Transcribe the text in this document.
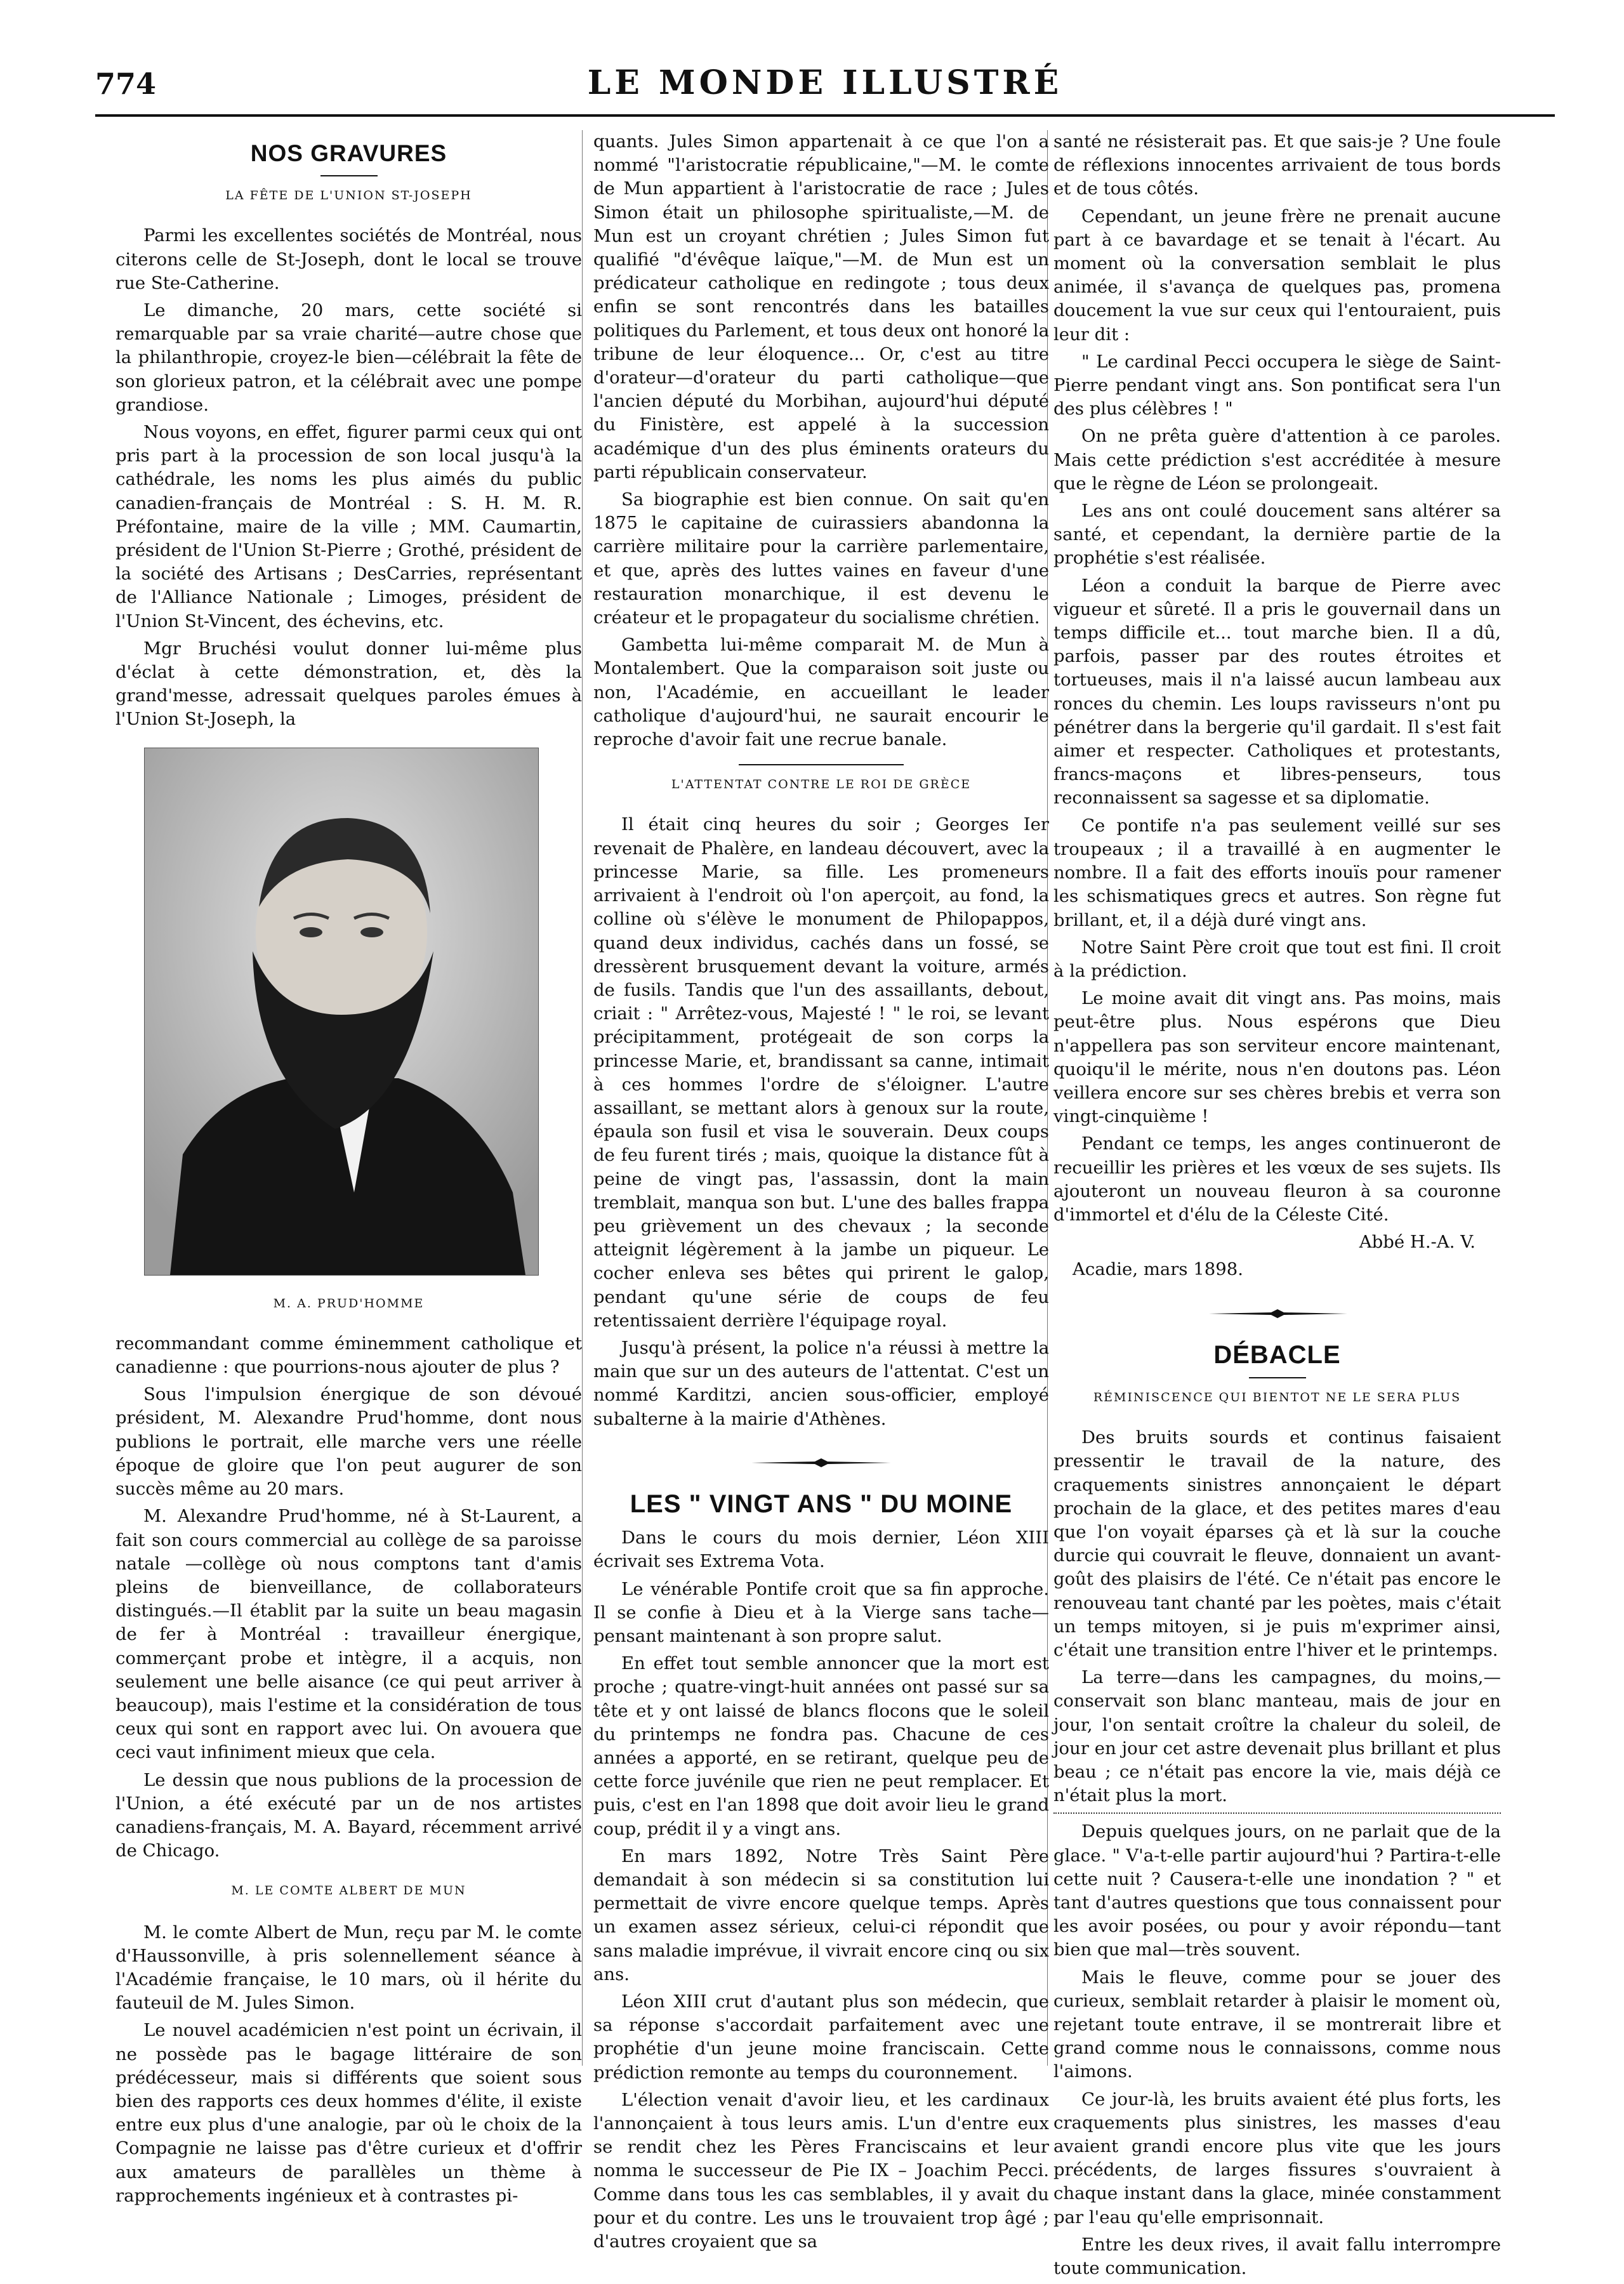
774	LE MONDE ILLUSTRÉ
NOS GRAVURES
LA FÊTE DE L'UNION ST-JOSEPH

Parmi les excellentes sociétés de Montréal, nous citerons celle de St-Joseph, dont le local se trouve rue Ste-Catherine.

Le dimanche, 20 mars, cette société si remarquable par sa vraie charité—autre chose que la philanthropie, croyez-le bien—célébrait la fête de son glorieux patron, et la célébrait avec une pompe grandiose.

Nous voyons, en effet, figurer parmi ceux qui ont pris part à la procession de son local jusqu'à la cathédrale, les noms les plus aimés du public canadien-français de Montréal : S. H. M. R. Préfontaine, maire de la ville ; MM. Caumartin, président de l'Union St-Pierre ; Grothé, président de la société des Artisans ; DesCarries, représentant de l'Alliance Nationale ; Limoges, président de l'Union St-Vincent, des échevins, etc.

Mgr Bruchési voulut donner lui-même plus d'éclat à cette démonstration, et, dès la grand'messe, adressait quelques paroles émues à l'Union St-Joseph, la

M. A. PRUD'HOMME

recommandant comme éminemment catholique et canadienne : que pourrions-nous ajouter de plus ?

Sous l'impulsion énergique de son dévoué président, M. Alexandre Prud'homme, dont nous publions le portrait, elle marche vers une réelle époque de gloire que l'on peut augurer de son succès même au 20 mars.

M. Alexandre Prud'homme, né à St-Laurent, a fait son cours commercial au collège de sa paroisse natale —collège où nous comptons tant d'amis pleins de bienveillance, de collaborateurs distingués.—Il établit par la suite un beau magasin de fer à Montréal : travailleur énergique, commerçant probe et intègre, il a acquis, non seulement une belle aisance (ce qui peut arriver à beaucoup), mais l'estime et la considération de tous ceux qui sont en rapport avec lui. On avouera que ceci vaut infiniment mieux que cela.

Le dessin que nous publions de la procession de l'Union, a été exécuté par un de nos artistes canadiens-français, M. A. Bayard, récemment arrivé de Chicago.

M. LE COMTE ALBERT DE MUN

M. le comte Albert de Mun, reçu par M. le comte d'Haussonville, à pris solennellement séance à l'Académie française, le 10 mars, où il hérite du fauteuil de M. Jules Simon.

Le nouvel académicien n'est point un écrivain, il ne possède pas le bagage littéraire de son prédécesseur, mais si différents que soient sous bien des rapports ces deux hommes d'élite, il existe entre eux plus d'une analogie, par où le choix de la Compagnie ne laisse pas d'être curieux et d'offrir aux amateurs de parallèles un thème à rapprochements ingénieux et à contrastes pi-

quants. Jules Simon appartenait à ce que l'on a nommé "l'aristocratie républicaine,"—M. le comte de Mun appartient à l'aristocratie de race ; Jules Simon était un philosophe spiritualiste,—M. de Mun est un croyant chrétien ; Jules Simon fut qualifié "d'évêque laïque,"—M. de Mun est un prédicateur catholique en redingote ; tous deux enfin se sont rencontrés dans les batailles politiques du Parlement, et tous deux ont honoré la tribune de leur éloquence... Or, c'est au titre d'orateur—d'orateur du parti catholique—que l'ancien député du Morbihan, aujourd'hui député du Finistère, est appelé à la succession académique d'un des plus éminents orateurs du parti républicain conservateur.

Sa biographie est bien connue. On sait qu'en 1875 le capitaine de cuirassiers abandonna la carrière militaire pour la carrière parlementaire, et que, après des luttes vaines en faveur d'une restauration monarchique, il est devenu le créateur et le propagateur du socialisme chrétien.

Gambetta lui-même comparait M. de Mun à Montalembert. Que la comparaison soit juste ou non, l'Académie, en accueillant le leader catholique d'aujourd'hui, ne saurait encourir le reproche d'avoir fait une recrue banale.

L'ATTENTAT CONTRE LE ROI DE GRÈCE

Il était cinq heures du soir ; Georges Ier revenait de Phalère, en landeau découvert, avec la princesse Marie, sa fille. Les promeneurs arrivaient à l'endroit où l'on aperçoit, au fond, la colline où s'élève le monument de Philopappos, quand deux individus, cachés dans un fossé, se dressèrent brusquement devant la voiture, armés de fusils. Tandis que l'un des assaillants, debout, criait : " Arrêtez-vous, Majesté ! " le roi, se levant précipitamment, protégeait de son corps la princesse Marie, et, brandissant sa canne, intimait à ces hommes l'ordre de s'éloigner. L'autre assaillant, se mettant alors à genoux sur la route, épaula son fusil et visa le souverain. Deux coups de feu furent tirés ; mais, quoique la distance fût à peine de vingt pas, l'assassin, dont la main tremblait, manqua son but. L'une des balles frappa peu grièvement un des chevaux ; la seconde atteignit légèrement à la jambe un piqueur. Le cocher enleva ses bêtes qui prirent le galop, pendant qu'une série de coups de feu retentissaient derrière l'équipage royal.

Jusqu'à présent, la police n'a réussi à mettre la main que sur un des auteurs de l'attentat. C'est un nommé Karditzi, ancien sous-officier, employé subalterne à la mairie d'Athènes.

LES " VINGT ANS " DU MOINE

Dans le cours du mois dernier, Léon XIII écrivait ses Extrema Vota.

Le vénérable Pontife croit que sa fin approche. Il se confie à Dieu et à la Vierge sans tache—pensant maintenant à son propre salut.

En effet tout semble annoncer que la mort est proche ; quatre-vingt-huit années ont passé sur sa tête et y ont laissé de blancs flocons que le soleil du printemps ne fondra pas. Chacune de ces années a apporté, en se retirant, quelque peu de cette force juvénile que rien ne peut remplacer. Et puis, c'est en l'an 1898 que doit avoir lieu le grand coup, prédit il y a vingt ans.

En mars 1892, Notre Très Saint Père demandait à son médecin si sa constitution lui permettait de vivre encore quelque temps. Après un examen assez sérieux, celui-ci répondit que sans maladie imprévue, il vivrait encore cinq ou six ans.

Léon XIII crut d'autant plus son médecin, que sa réponse s'accordait parfaitement avec une prophétie d'un jeune moine franciscain. Cette prédiction remonte au temps du couronnement.

L'élection venait d'avoir lieu, et les cardinaux l'annonçaient à tous leurs amis. L'un d'entre eux se rendit chez les Pères Franciscains et leur nomma le successeur de Pie IX – Joachim Pecci. Comme dans tous les cas semblables, il y avait du pour et du contre. Les uns le trouvaient trop âgé ; d'autres croyaient que sa

santé ne résisterait pas. Et que sais-je ? Une foule de réflexions innocentes arrivaient de tous bords et de tous côtés.

Cependant, un jeune frère ne prenait aucune part à ce bavardage et se tenait à l'écart. Au moment où la conversation semblait le plus animée, il s'avança de quelques pas, promena doucement la vue sur ceux qui l'entouraient, puis leur dit :

" Le cardinal Pecci occupera le siège de Saint-Pierre pendant vingt ans. Son pontificat sera l'un des plus célèbres ! "

On ne prêta guère d'attention à ce paroles. Mais cette prédiction s'est accréditée à mesure que le règne de Léon se prolongeait.

Les ans ont coulé doucement sans altérer sa santé, et cependant, la dernière partie de la prophétie s'est réalisée.

Léon a conduit la barque de Pierre avec vigueur et sûreté. Il a pris le gouvernail dans un temps difficile et... tout marche bien. Il a dû, parfois, passer par des routes étroites et tortueuses, mais il n'a laissé aucun lambeau aux ronces du chemin. Les loups ravisseurs n'ont pu pénétrer dans la bergerie qu'il gardait. Il s'est fait aimer et respecter. Catholiques et protestants, francs-maçons et libres-penseurs, tous reconnaissent sa sagesse et sa diplomatie.

Ce pontife n'a pas seulement veillé sur ses troupeaux ; il a travaillé à en augmenter le nombre. Il a fait des efforts inouïs pour ramener les schismatiques grecs et autres. Son règne fut brillant, et, il a déjà duré vingt ans.

Notre Saint Père croit que tout est fini. Il croit à la prédiction.

Le moine avait dit vingt ans. Pas moins, mais peut-être plus. Nous espérons que Dieu n'appellera pas son serviteur encore maintenant, quoiqu'il le mérite, nous n'en doutons pas. Léon veillera encore sur ses chères brebis et verra son vingt-cinquième !

Pendant ce temps, les anges continueront de recueillir les prières et les vœux de ses sujets. Ils ajouteront un nouveau fleuron à sa couronne d'immortel et d'élu de la Céleste Cité.

Abbé H.-A. V.
Acadie, mars 1898.
DÉBACLE
RÉMINISCENCE QUI BIENTOT NE LE SERA PLUS

Des bruits sourds et continus faisaient pressentir le travail de la nature, des craquements sinistres annonçaient le départ prochain de la glace, et des petites mares d'eau que l'on voyait éparses çà et là sur la couche durcie qui couvrait le fleuve, donnaient un avant-goût des plaisirs de l'été. Ce n'était pas encore le renouveau tant chanté par les poètes, mais c'était un temps mitoyen, si je puis m'exprimer ainsi, c'était une transition entre l'hiver et le printemps.

La terre—dans les campagnes, du moins,—conservait son blanc manteau, mais de jour en jour, l'on sentait croître la chaleur du soleil, de jour en jour cet astre devenait plus brillant et plus beau ; ce n'était pas encore la vie, mais déjà ce n'était plus la mort.

Depuis quelques jours, on ne parlait que de la glace. " V'a-t-elle partir aujourd'hui ? Partira-t-elle cette nuit ? Causera-t-elle une inondation ? " et tant d'autres questions que tous connaissent pour les avoir posées, ou pour y avoir répondu—tant bien que mal—très souvent.

Mais le fleuve, comme pour se jouer des curieux, semblait retarder à plaisir le moment où, rejetant toute entrave, il se montrerait libre et grand comme nous le connaissons, comme nous l'aimons.

Ce jour-là, les bruits avaient été plus forts, les craquements plus sinistres, les masses d'eau avaient grandi encore plus vite que les jours précédents, de larges fissures s'ouvraient à chaque instant dans la glace, minée constamment par l'eau qu'elle emprisonnait.

Entre les deux rives, il avait fallu interrompre toute communication.
